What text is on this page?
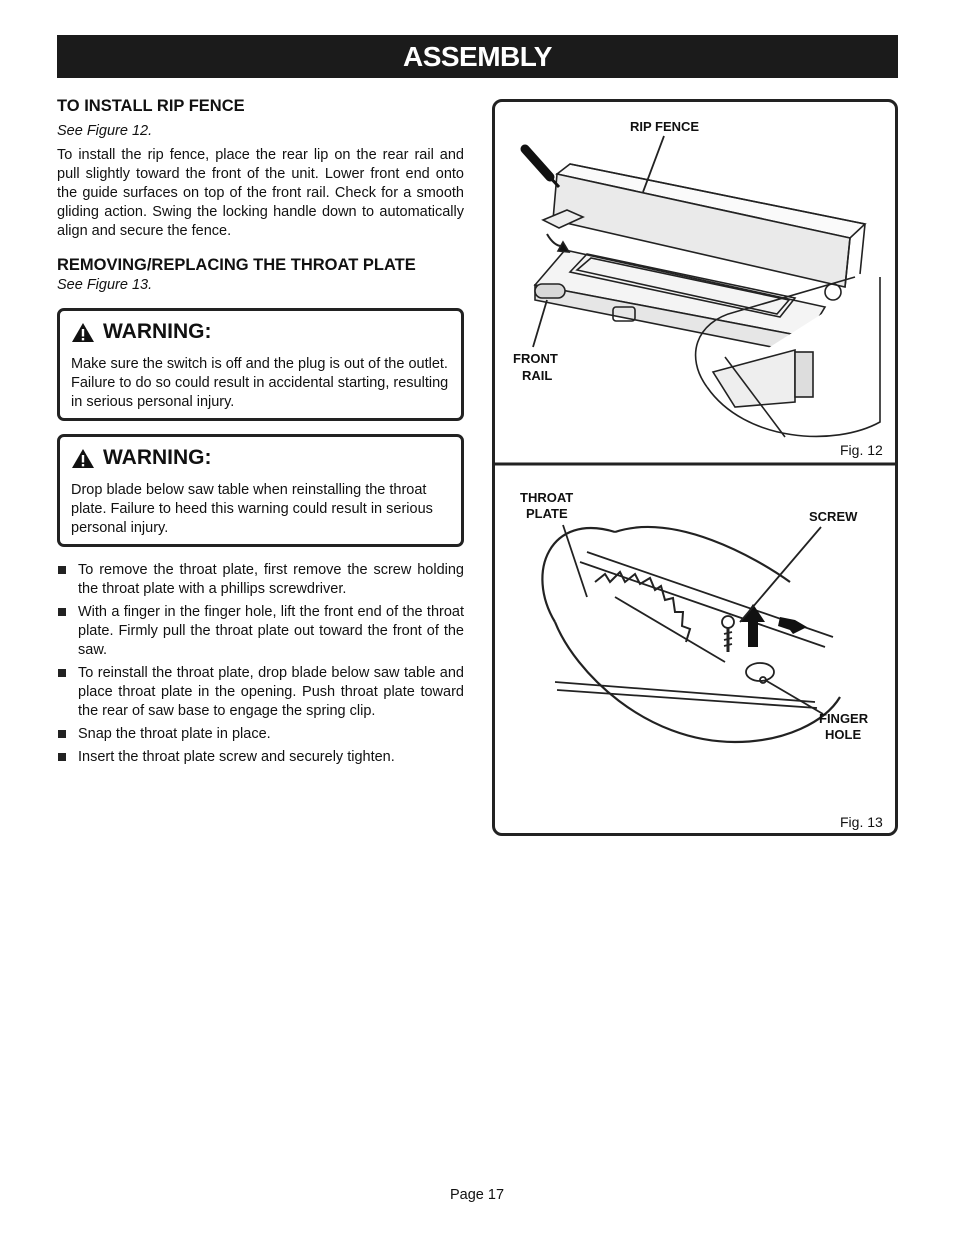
ASSEMBLY
TO INSTALL RIP FENCE
See Figure 12.

To install the rip fence, place the rear lip on the rear rail and pull slightly toward the front of the unit. Lower front end onto the guide surfaces on top of the front rail. Check for a smooth gliding action. Swing the locking handle down to automatically align and secure the fence.

REMOVING/REPLACING THE THROAT PLATE
See Figure 13.
WARNING:

Make sure the switch is off and the plug is out of the outlet. Failure to do so could result in accidental starting, resulting in serious personal injury.

WARNING:

Drop blade below saw table when reinstalling the throat plate. Failure to heed this warning could result in serious personal injury.

To remove the throat plate, first remove the screw holding the throat plate with a phillips screwdriver.
With a finger in the finger hole, lift the front end of the throat plate. Firmly pull the throat plate out toward the front of the saw.
To reinstall the throat plate, drop blade below saw table and place throat plate in the opening. Push throat plate toward the rear of saw base to engage the spring clip.
Snap the throat plate in place.
Insert the throat plate screw and securely tighten.
RIP FENCE
FRONT
RAIL
Fig. 12
THROAT
PLATE	SCREW
FINGER
HOLE
Fig. 13
Page 17
